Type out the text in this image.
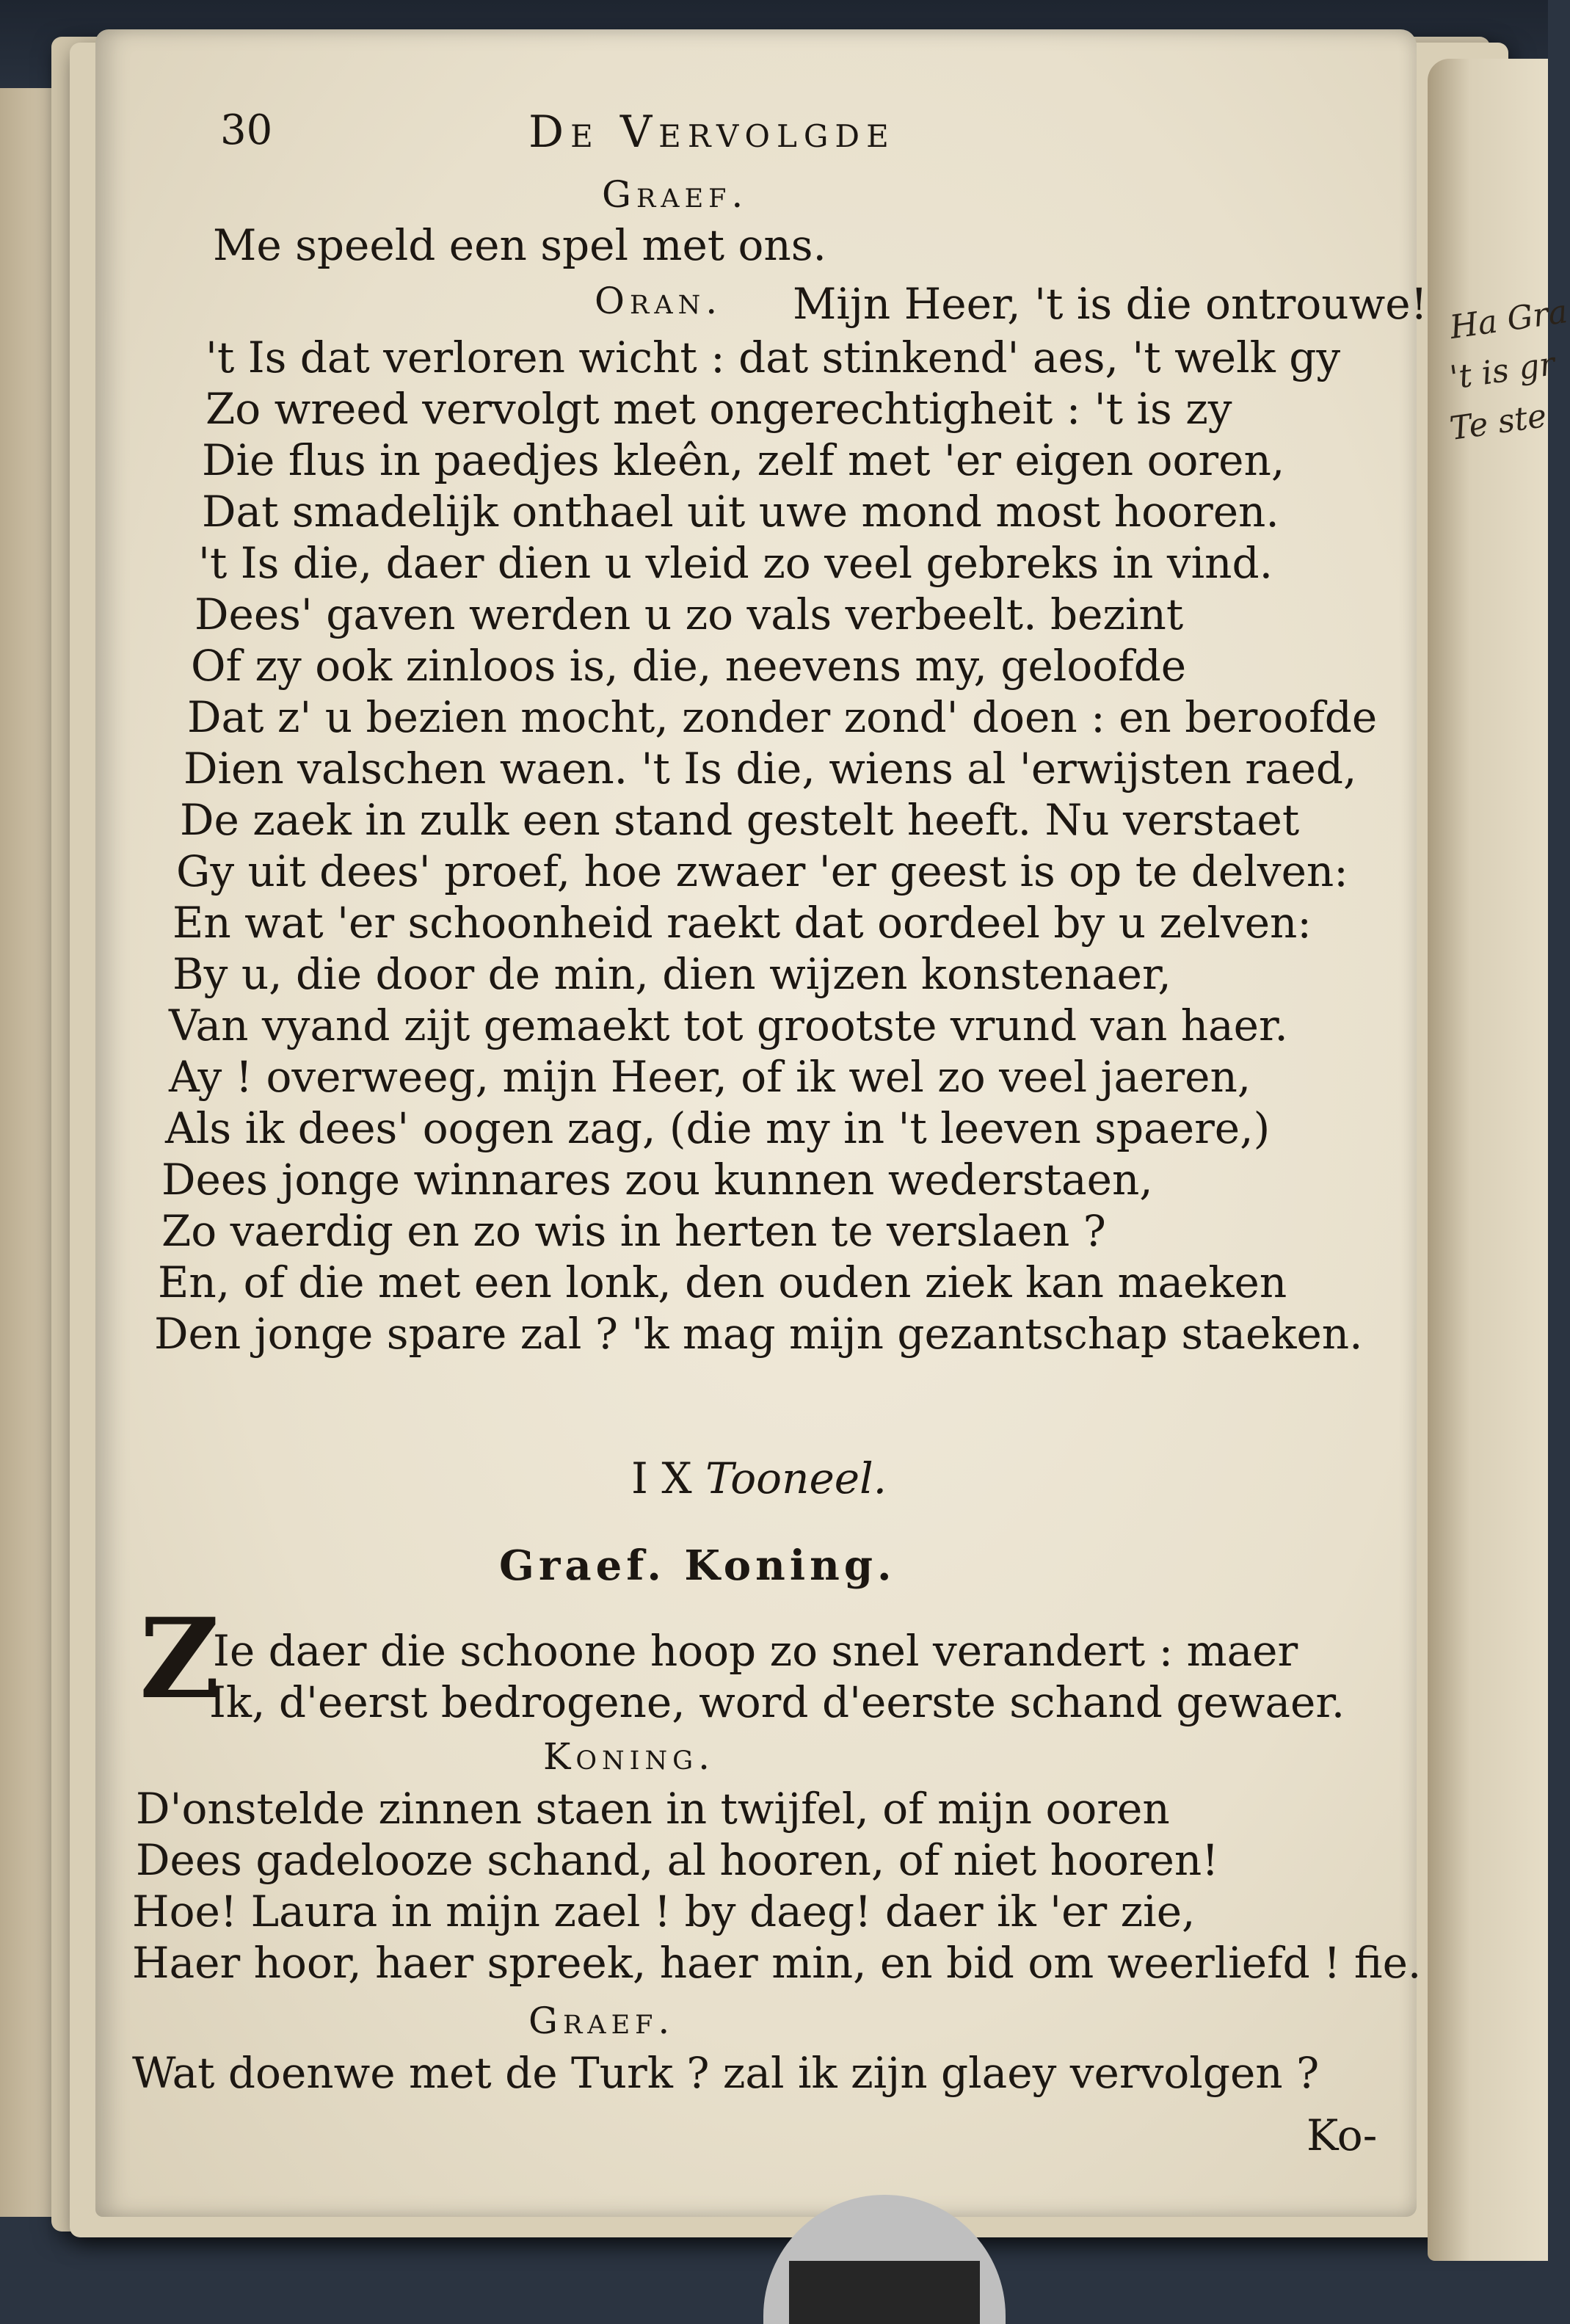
Ha Gra
't is gr
Te ste
30	De Vervolgde
Graef.
Me speeld een spel met ons.
Oran. Mijn Heer, 't is die ontrouwe!
't Is dat verloren wicht : dat stinkend' aes, 't welk gy
Zo wreed vervolgt met ongerechtigheit : 't is zy
Die flus in paedjes kleên, zelf met 'er eigen ooren,
Dat smadelijk onthael uit uwe mond most hooren.
't Is die, daer dien u vleid zo veel gebreks in vind.
Dees' gaven werden u zo vals verbeelt. bezint
Of zy ook zinloos is, die, neevens my, geloofde
Dat z' u bezien mocht, zonder zond' doen : en beroofde
Dien valschen waen. 't Is die, wiens al 'erwijsten raed,
De zaek in zulk een stand gestelt heeft. Nu verstaet
Gy uit dees' proef, hoe zwaer 'er geest is op te delven:
En wat 'er schoonheid raekt dat oordeel by u zelven:
By u, die door de min, dien wijzen konstenaer,
Van vyand zijt gemaekt tot grootste vrund van haer.
Ay ! overweeg, mijn Heer, of ik wel zo veel jaeren,
Als ik dees' oogen zag, (die my in 't leeven spaere,)
Dees jonge winnares zou kunnen wederstaen,
Zo vaerdig en zo wis in herten te verslaen ?
En, of die met een lonk, den ouden ziek kan maeken
Den jonge spare zal ? 'k mag mijn gezantschap staeken.
I X Tooneel.
Graef. Koning.
Z
Ie daer die schoone hoop zo snel verandert : maer
Ik, d'eerst bedrogene, word d'eerste schand gewaer.
Koning.
D'onstelde zinnen staen in twijfel, of mijn ooren
Dees gadelooze schand, al hooren, of niet hooren!
Hoe! Laura in mijn zael ! by daeg! daer ik 'er zie,
Haer hoor, haer spreek, haer min, en bid om weerliefd ! fie.
Graef.
Wat doenwe met de Turk ? zal ik zijn glaey vervolgen ?
Ko-
